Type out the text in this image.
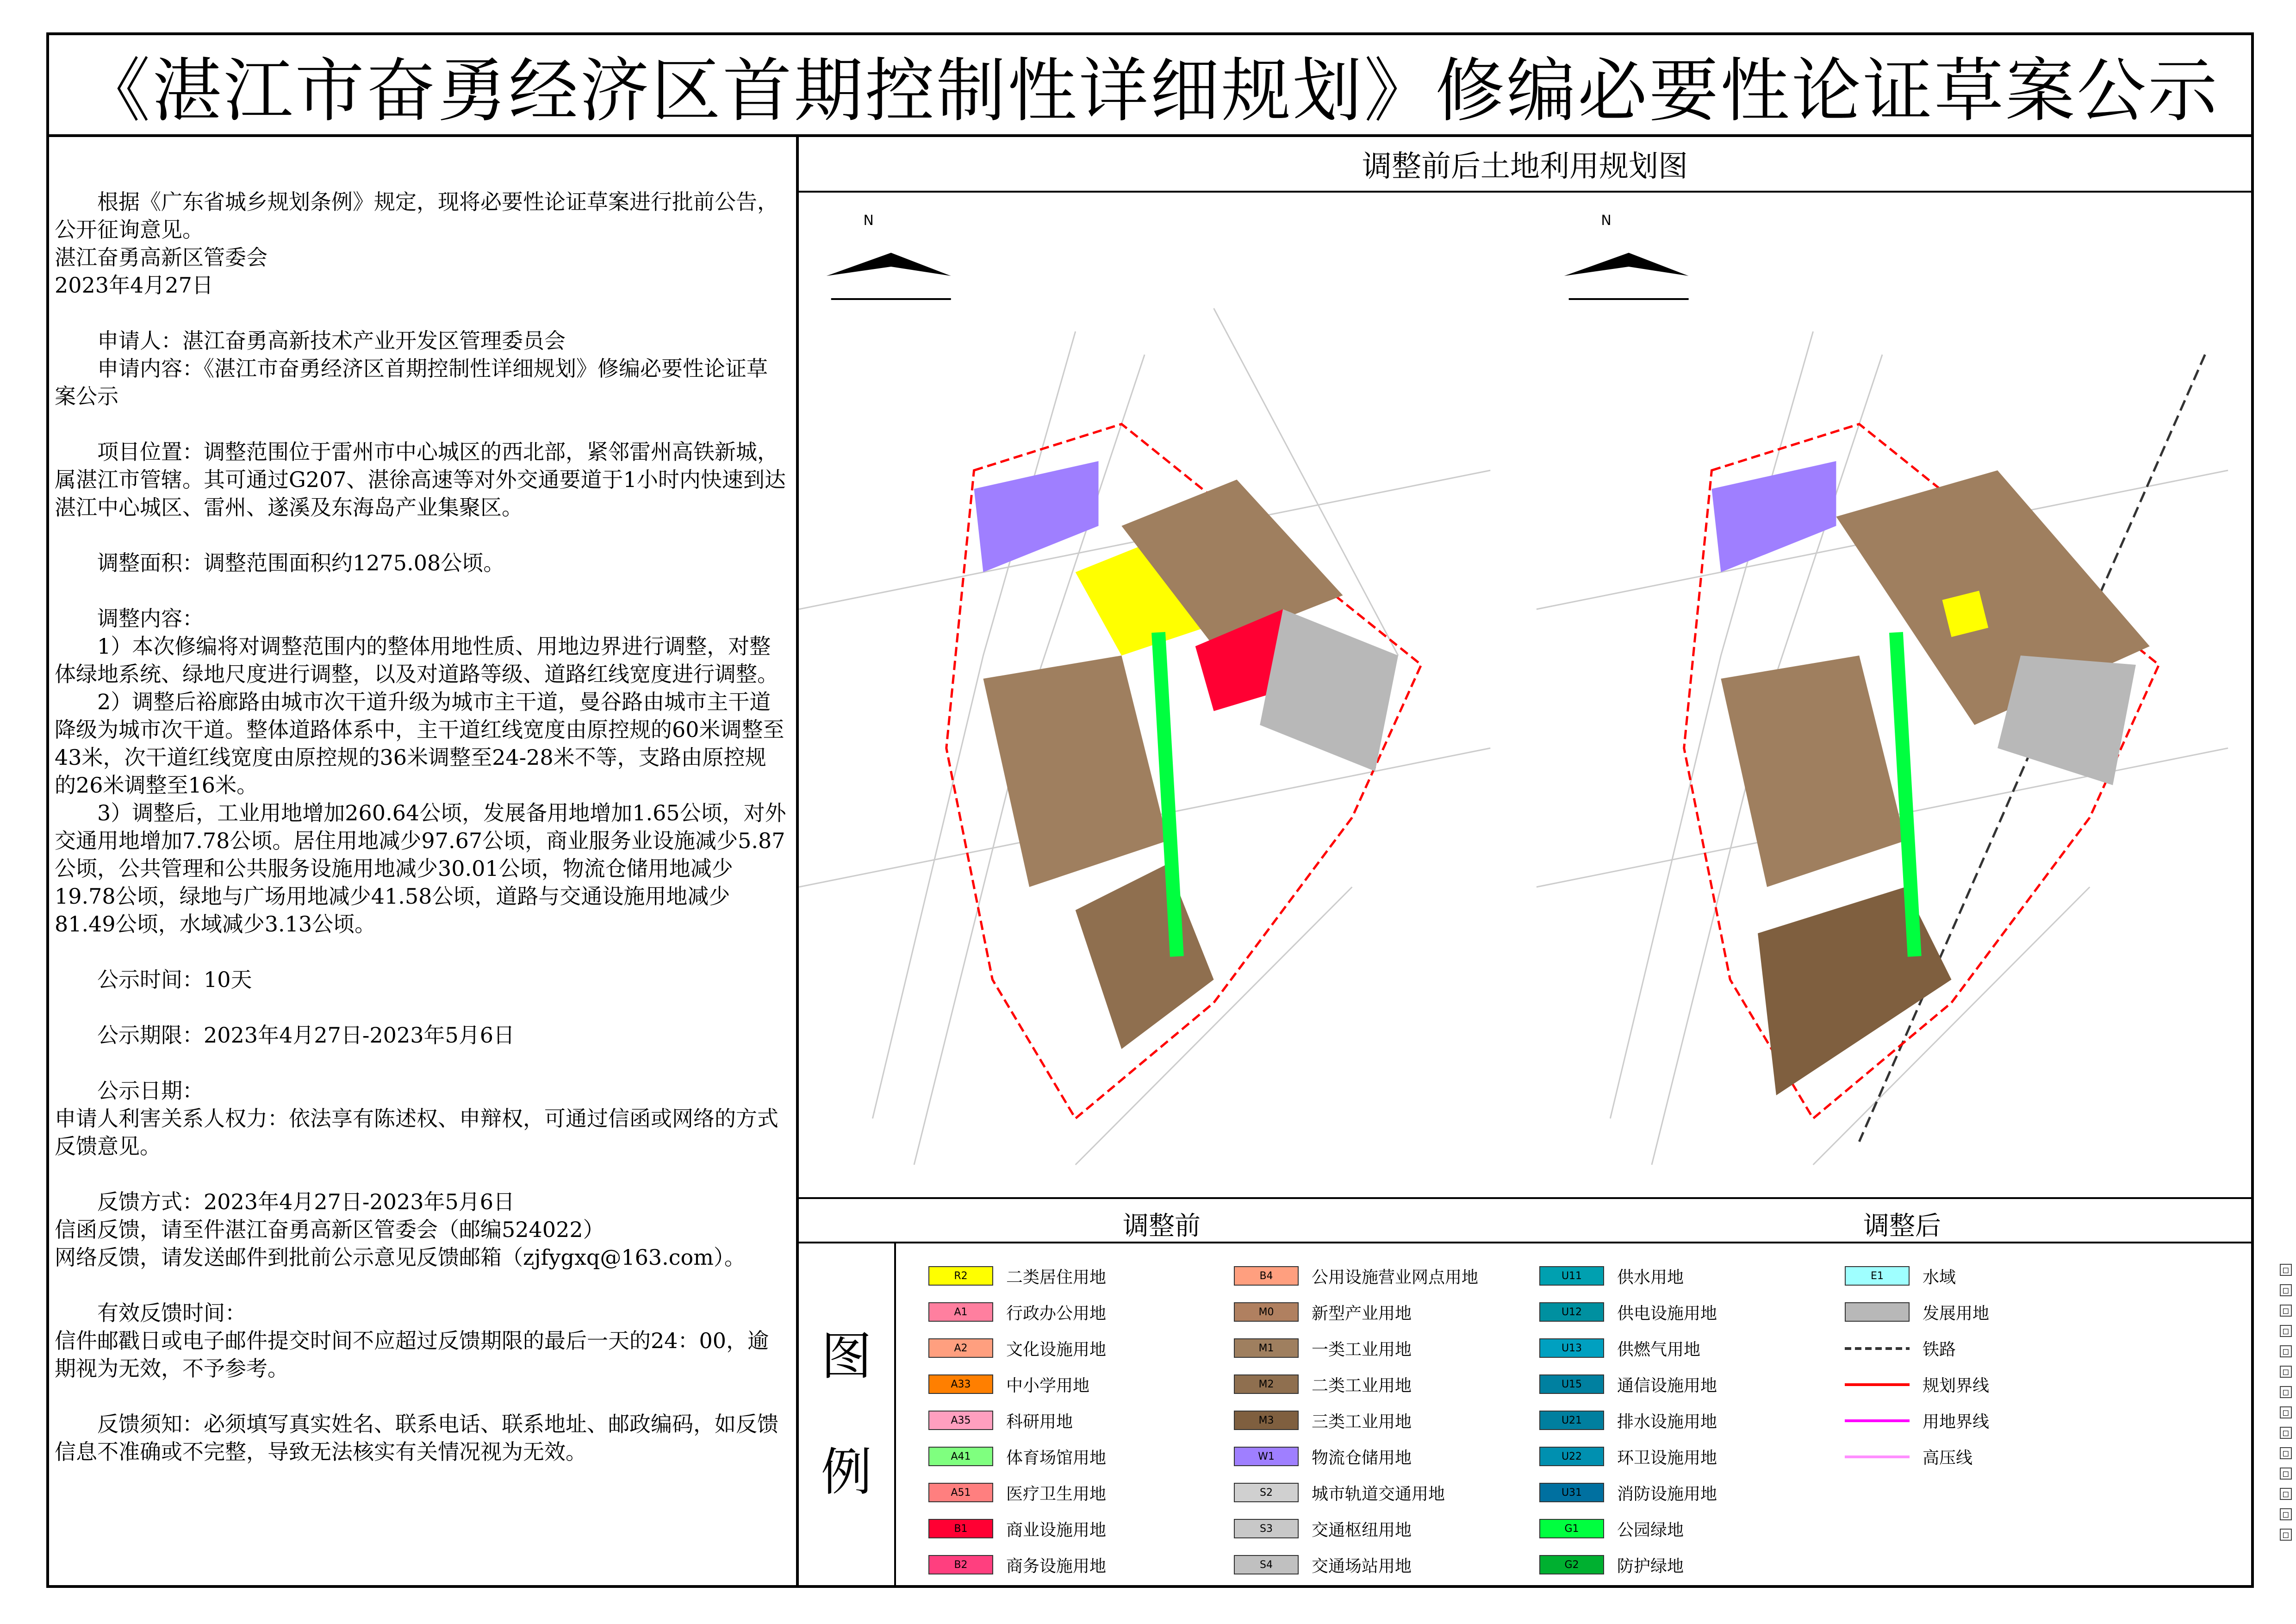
《湛江市奋勇经济区首期控制性详细规划》修编必要性论证草案公示

　　根据《广东省城乡规划条例》规定，现将必要性论证草案进行批前公告，公开征询意见。

湛江奋勇高新区管委会

2023年4月27日

　　申请人：湛江奋勇高新技术产业开发区管理委员会

　　申请内容：《湛江市奋勇经济区首期控制性详细规划》修编必要性论证草案公示

　　项目位置：调整范围位于雷州市中心城区的西北部，紧邻雷州高铁新城，属湛江市管辖。其可通过G207、湛徐高速等对外交通要道于1小时内快速到达湛江中心城区、雷州、遂溪及东海岛产业集聚区。

　　调整面积：调整范围面积约1275.08公顷。

　　调整内容：

　　1）本次修编将对调整范围内的整体用地性质、用地边界进行调整，对整体绿地系统、绿地尺度进行调整，以及对道路等级、道路红线宽度进行调整。

　　2）调整后裕廊路由城市次干道升级为城市主干道，曼谷路由城市主干道降级为城市次干道。整体道路体系中，主干道红线宽度由原控规的60米调整至43米，次干道红线宽度由原控规的36米调整至24-28米不等，支路由原控规的26米调整至16米。

　　3）调整后，工业用地增加260.64公顷，发展备用地增加1.65公顷，对外交通用地增加7.78公顷。居住用地减少97.67公顷，商业服务业设施减少5.87公顷，公共管理和公共服务设施用地减少30.01公顷，物流仓储用地减少19.78公顷，绿地与广场用地减少41.58公顷，道路与交通设施用地减少81.49公顷，水域减少3.13公顷。

　　公示时间：10天

　　公示期限：2023年4月27日-2023年5月6日

　　公示日期：

申请人利害关系人权力：依法享有陈述权、申辩权，可通过信函或网络的方式反馈意见。

　　反馈方式：2023年4月27日-2023年5月6日

信函反馈，请至件湛江奋勇高新区管委会（邮编524022）

网络反馈，请发送邮件到批前公示意见反馈邮箱（zjfygxq@163.com）。

　　有效反馈时间：

信件邮戳日或电子邮件提交时间不应超过反馈期限的最后一天的24：00，逾期视为无效，不予参考。

　　反馈须知：必须填写真实姓名、联系电话、联系地址、邮政编码，如反馈信息不准确或不完整，导致无法核实有关情况视为无效。

调整前后土地利用规划图
N	N
调整前	调整后
图
例
R2	二类居住用地
A1	行政办公用地
A2	文化设施用地
A33	中小学用地
A35	科研用地
A41	体育场馆用地
A51	医疗卫生用地
B1	商业设施用地
B2	商务设施用地
B4	公用设施营业网点用地
M0	新型产业用地
M1	一类工业用地
M2	二类工业用地
M3	三类工业用地
W1	物流仓储用地
S2	城市轨道交通用地
S3	交通枢纽用地
S4	交通场站用地
U11	供水用地
U12	供电设施用地
U13	供燃气用地
U15	通信设施用地
U21	排水设施用地
U22	环卫设施用地
U31	消防设施用地
G1	公园绿地
G2	防护绿地
E1	水域
发展用地
铁路
规划界线
用地界线
高压线
◻
◻
◻
◻
◻
◻
◻
◻
◻
◻
◻
◻
◻
◻
